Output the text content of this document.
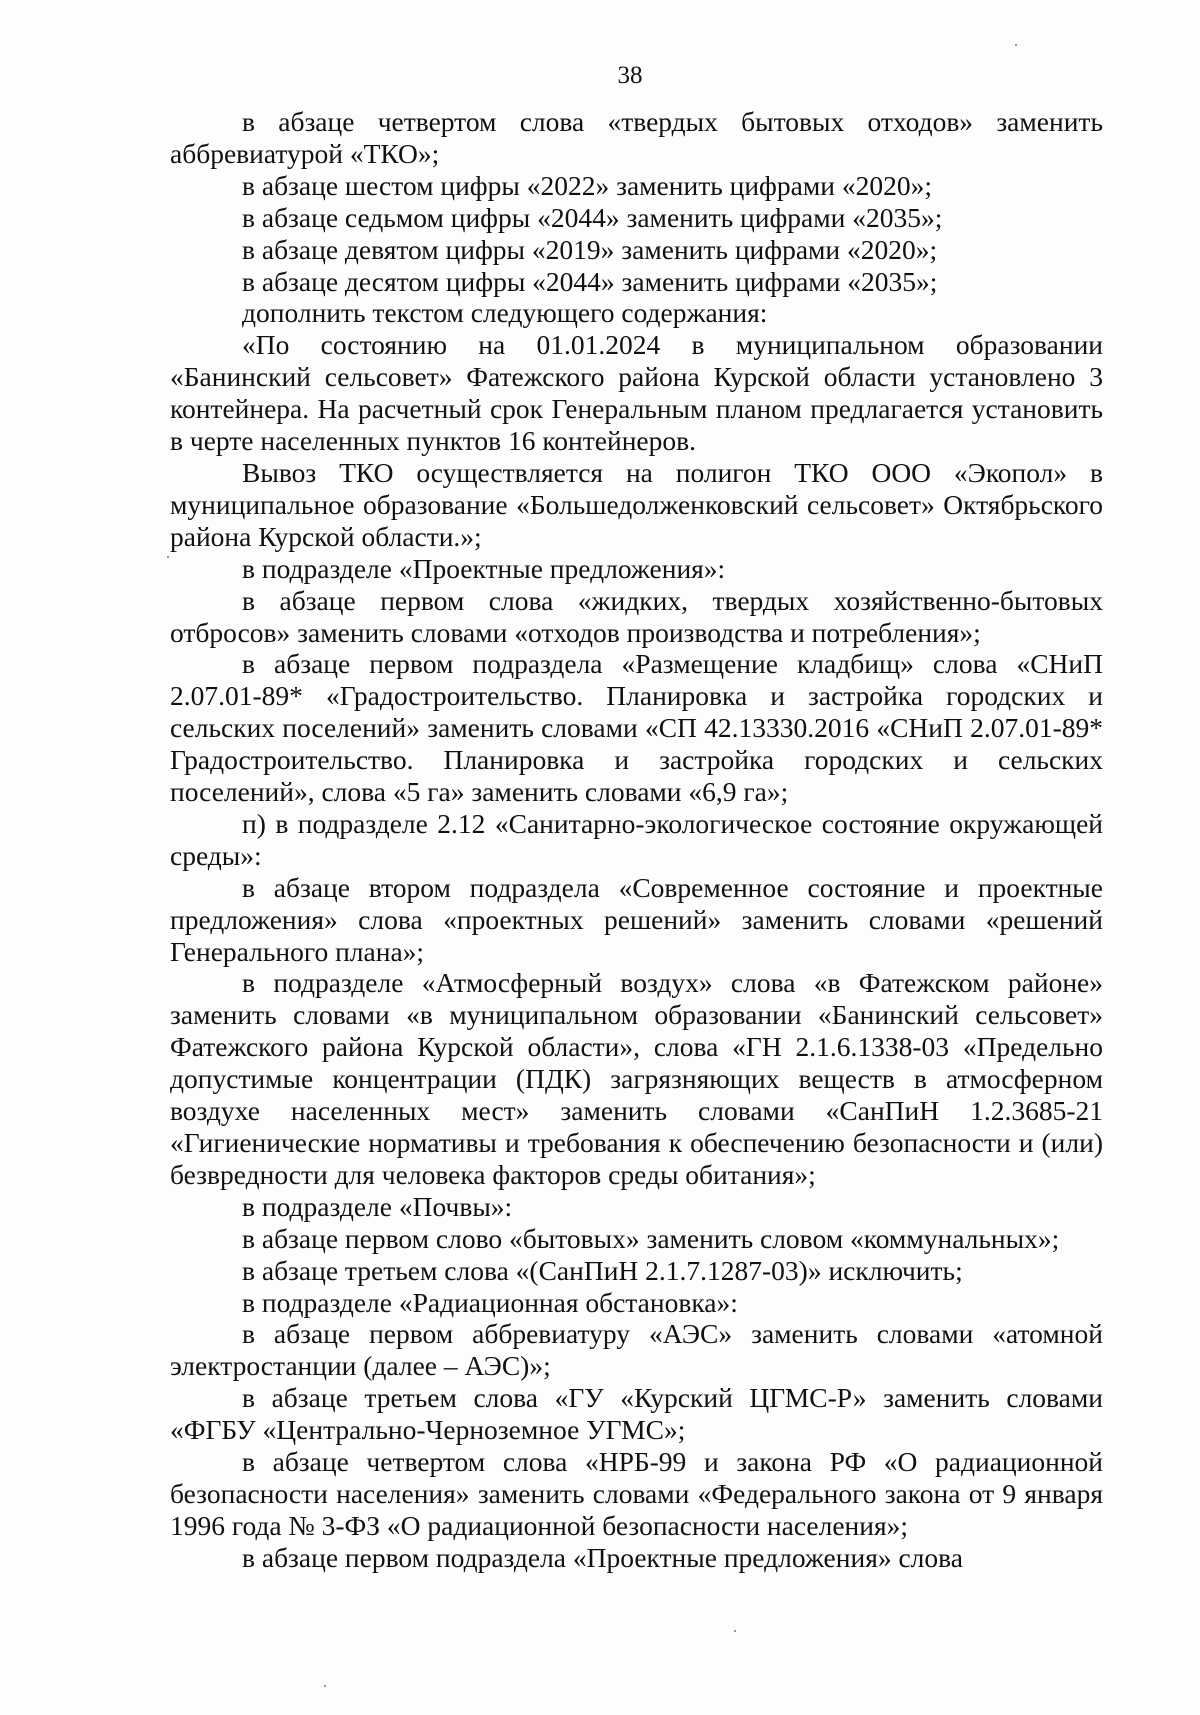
38

в абзаце четвертом слова «твердых бытовых отходов» заменить аббревиатурой «ТКО»;

в абзаце шестом цифры «2022» заменить цифрами «2020»;

в абзаце седьмом цифры «2044» заменить цифрами «2035»;

в абзаце девятом цифры «2019» заменить цифрами «2020»;

в абзаце десятом цифры «2044» заменить цифрами «2035»;

дополнить текстом следующего содержания:

«По состоянию на 01.01.2024 в муниципальном образовании «Банинский сельсовет» Фатежского района Курской области установлено 3 контейнера. На расчетный срок Генеральным планом предлагается установить в черте населенных пунктов 16 контейнеров.

Вывоз ТКО осуществляется на полигон ТКО ООО «Экопол» в муниципальное образование «Большедолженковский сельсовет» Октябрьского района Курской области.»;

в подразделе «Проектные предложения»:

в абзаце первом слова «жидких, твердых хозяйственно-бытовых отбросов» заменить словами «отходов производства и потребления»;

в абзаце первом подраздела «Размещение кладбищ» слова «СНиП 2.07.01-89* «Градостроительство. Планировка и застройка городских и сельских поселений» заменить словами «СП 42.13330.2016 «СНиП 2.07.01-89* Градостроительство. Планировка и застройка городских и сельских поселений», слова «5 га» заменить словами «6,9 га»;

п) в подразделе 2.12 «Санитарно-экологическое состояние окружающей среды»:

в абзаце втором подраздела «Современное состояние и проектные предложения» слова «проектных решений» заменить словами «решений Генерального плана»;

в подразделе «Атмосферный воздух» слова «в Фатежском районе» заменить словами «в муниципальном образовании «Банинский сельсовет» Фатежского района Курской области», слова «ГН 2.1.6.1338-03 «Предельно допустимые концентрации (ПДК) загрязняющих веществ в атмосферном воздухе населенных мест» заменить словами «СанПиН 1.2.3685-21 «Гигиенические нормативы и требования к обеспечению безопасности и (или) безвредности для человека факторов среды обитания»;

в подразделе «Почвы»:

в абзаце первом слово «бытовых» заменить словом «коммунальных»;

в абзаце третьем слова «(СанПиН 2.1.7.1287-03)» исключить;

в подразделе «Радиационная обстановка»:

в абзаце первом аббревиатуру «АЭС» заменить словами «атомной электростанции (далее – АЭС)»;

в абзаце третьем слова «ГУ «Курский ЦГМС-Р» заменить словами «ФГБУ «Центрально-Черноземное УГМС»;

в абзаце четвертом слова «НРБ-99 и закона РФ «О радиационной безопасности населения» заменить словами «Федерального закона от 9 января 1996 года № 3-ФЗ «О радиационной безопасности населения»;

в абзаце первом подраздела «Проектные предложения» слова
